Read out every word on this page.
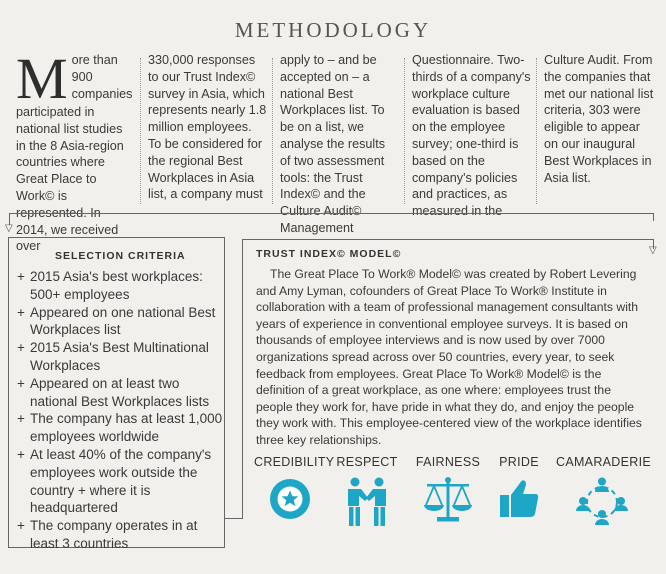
METHODOLOGY
M ore than 900 companies participated in national list studies in the 8 Asia-region countries where Great Place to Work© is represented. In 2014, we received over

330,000 responses to our Trust Index© survey in Asia, which represents nearly 1.8 million employees. To be considered for the regional Best Workplaces in Asia list, a company must

apply to – and be accepted on – a national Best Workplaces list. To be on a list, we analyse the results of two assessment tools: the Trust Index© and the Culture Audit© Management

Questionnaire. Two-thirds of a company's workplace culture evaluation is based on the employee survey; one-third is based on the company's policies and practices, as measured in the

Culture Audit. From the companies that met our national list criteria, 303 were eligible to appear on our inaugural Best Workplaces in Asia list.

▽
SELECTION CRITERIA
+ 2015 Asia's best workplaces: 500+ employees
+ Appeared on one national Best Workplaces list
+ 2015 Asia's Best Multinational Workplaces
+ Appeared on at least two national Best Workplaces lists
+ The company has at least 1,000 employees worldwide
+ At least 40% of the company's employees work outside the country + where it is headquartered
+ The company operates in at least 3 countries
▽
TRUST INDEX© MODEL©

The Great Place To Work® Model© was created by Robert Levering and Amy Lyman, cofounders of Great Place To Work® Institute in collaboration with a team of professional management consultants with years of experience in conventional employee surveys. It is based on thousands of employee interviews and is now used by over 7000 organizations spread across over 50 countries, every year, to seek feedback from employees. Great Place To Work® Model© is the definition of a great workplace, as one where: employees trust the people they work for, have pride in what they do, and enjoy the people they work with. This employee-centered view of the workplace identifies three key relationships.

CREDIBILITY RESPECT FAIRNESS	PRIDE	CAMARADERIE
